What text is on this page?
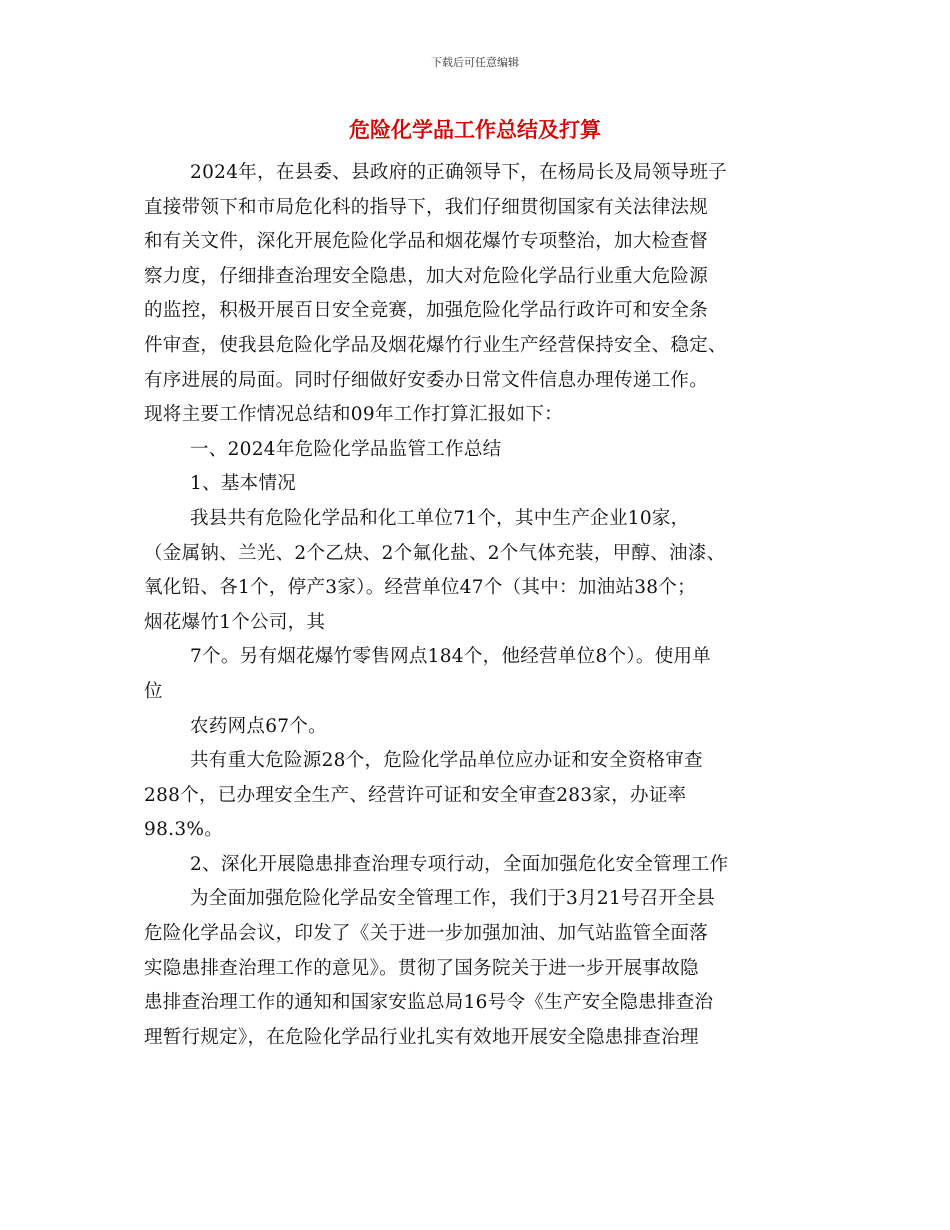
下载后可任意编辑
危险化学品工作总结及打算

2024年，在县委、县政府的正确领导下，在杨局长及局领导班子

直接带领下和市局危化科的指导下，我们仔细贯彻国家有关法律法规

和有关文件，深化开展危险化学品和烟花爆竹专项整治，加大检查督

察力度，仔细排查治理安全隐患，加大对危险化学品行业重大危险源

的监控，积极开展百日安全竞赛，加强危险化学品行政许可和安全条

件审查，使我县危险化学品及烟花爆竹行业生产经营保持安全、稳定、

有序进展的局面。同时仔细做好安委办日常文件信息办理传递工作。

现将主要工作情况总结和09年工作打算汇报如下：

一、2024年危险化学品监管工作总结

1、基本情况

我县共有危险化学品和化工单位71个，其中生产企业10家，

（金属钠、兰光、2个乙炔、2个氟化盐、2个气体充装，甲醇、油漆、

氧化铅、各1个，停产3家）。经营单位47个（其中：加油站38个；

烟花爆竹1个公司，其

7个。另有烟花爆竹零售网点184个，他经营单位8个）。使用单

位

农药网点67个。

共有重大危险源28个，危险化学品单位应办证和安全资格审查

288个，已办理安全生产、经营许可证和安全审查283家，办证率

98.3%。

2、深化开展隐患排查治理专项行动，全面加强危化安全管理工作

为全面加强危险化学品安全管理工作，我们于3月21号召开全县

危险化学品会议，印发了《关于进一步加强加油、加气站监管全面落

实隐患排查治理工作的意见》。贯彻了国务院关于进一步开展事故隐

患排查治理工作的通知和国家安监总局16号令《生产安全隐患排查治

理暂行规定》，在危险化学品行业扎实有效地开展安全隐患排查治理
